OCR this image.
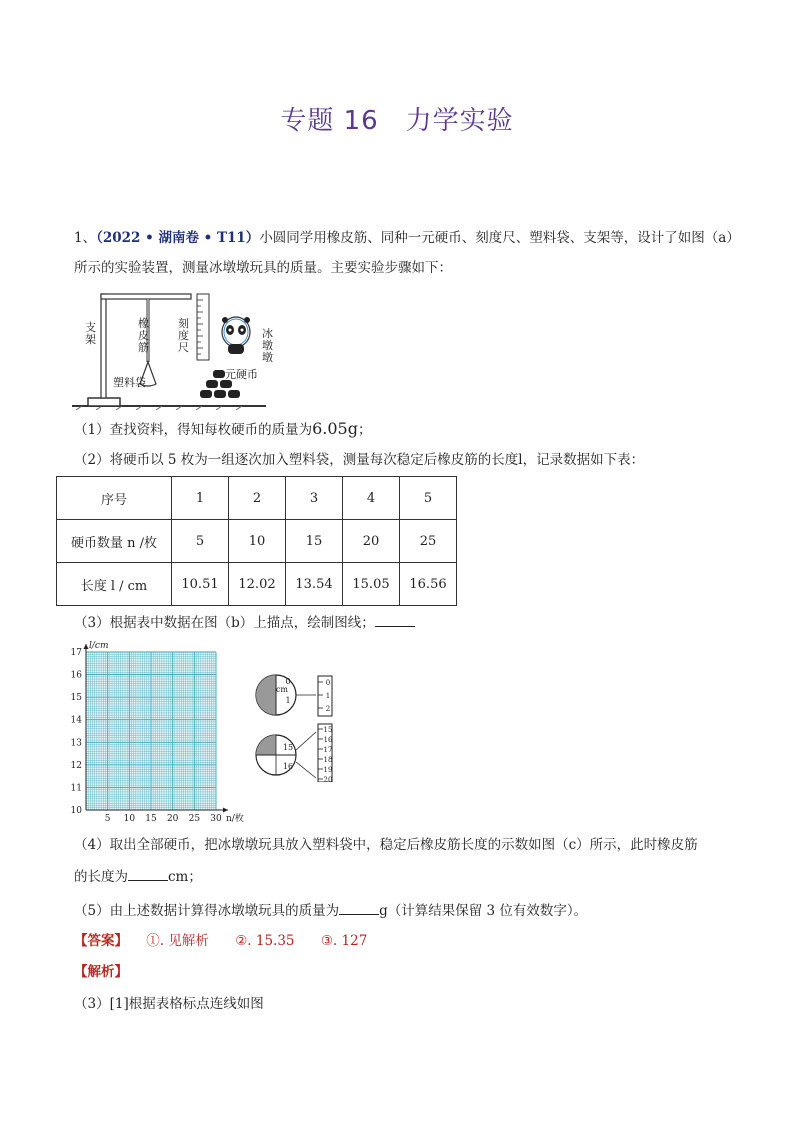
专题 16　力学实验
1、（2022 • 湖南卷 • T11）小圆同学用橡皮筋、同种一元硬币、刻度尺、塑料袋、支架等，设计了如图（a）
所示的实验装置，测量冰墩墩玩具的质量。主要实验步骤如下：
支架
橡皮筋
刻度尺
冰墩墩
塑料袋
一元硬币
（1）查找资料，得知每枚硬币的质量为6.05g；
（2）将硬币以 5 枚为一组逐次加入塑料袋，测量每次稳定后橡皮筋的长度l，记录数据如下表：
序号	1	2	3	4	5
硬币数量 n /枚	5	10	15	20	25
长度 l / cm	10.51	12.02	13.54	15.05	16.56
（3）根据表中数据在图（b）上描点，绘制图线；
10
11
12
13
14
15
16
17
5 10 15 20 25 30
l/cm
n/枚
0
cm
1
0
1
2
15
16
15
16
17
18
19
20
（4）取出全部硬币，把冰墩墩玩具放入塑料袋中，稳定后橡皮筋长度的示数如图（c）所示，此时橡皮筋
的长度为	cm；
（5）由上述数据计算得冰墩墩玩具的质量为	g（计算结果保留 3 位有效数字）。
【答案】 ①. 见解析 ②. 15.35 ③. 127
【解析】
（3）[1]根据表格标点连线如图
